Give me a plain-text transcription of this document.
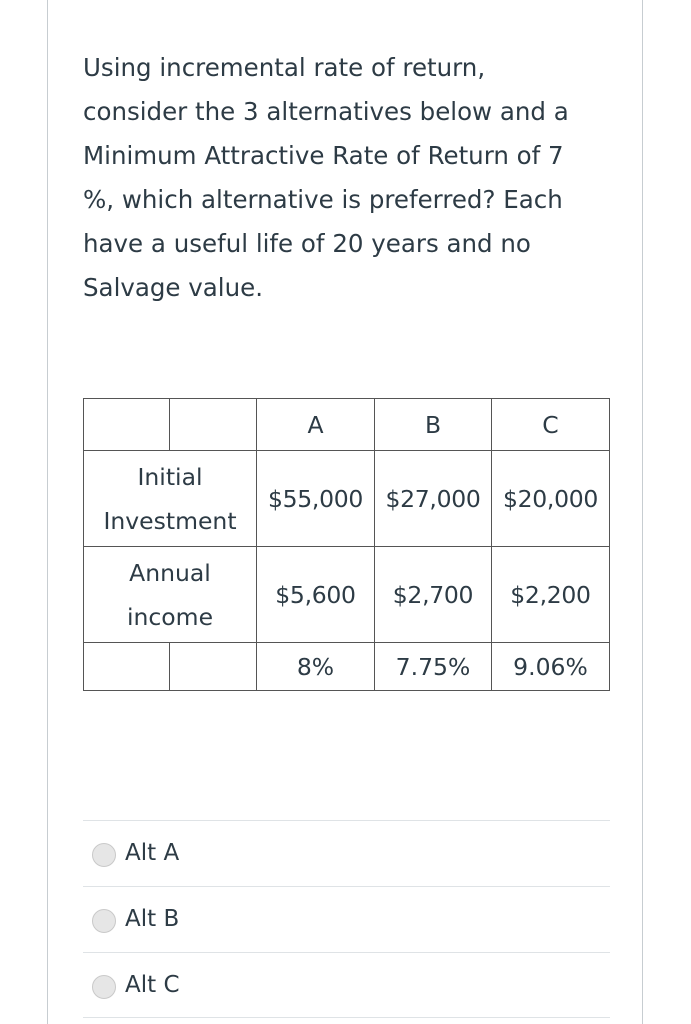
Using incremental rate of return,

consider the 3 alternatives below and a

Minimum Attractive Rate of Return of 7

%, which alternative is preferred? Each

have a useful life of 20 years and no

Salvage value.

		A	B	C

Initial
Investment		$55,000	$27,000	$20,000

Annual
income		$5,600	$2,700	$2,200
		8%	7.75%	9.06%
Alt A
Alt B
Alt C
